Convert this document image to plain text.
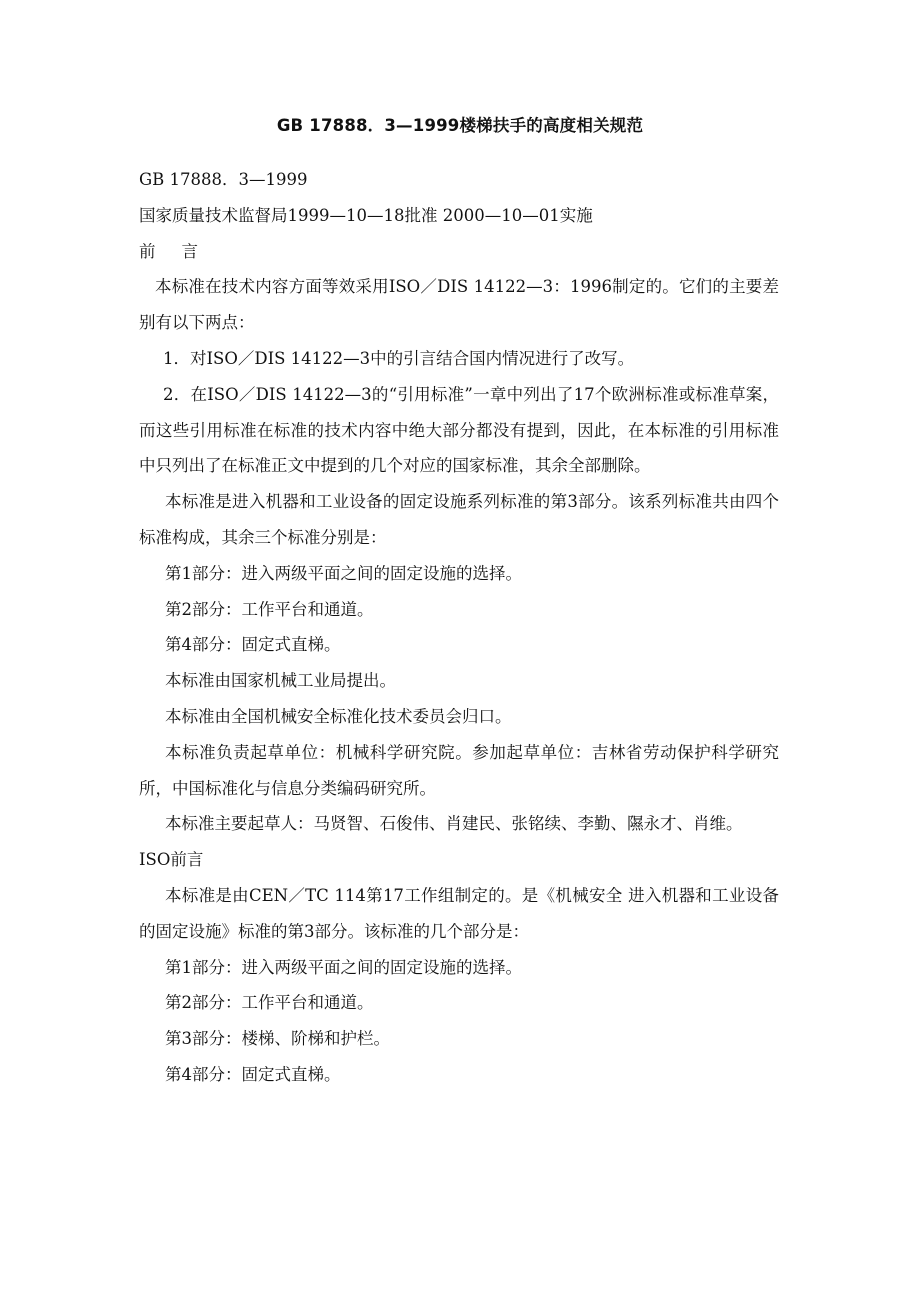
GB 17888．3—1999楼梯扶手的高度相关规范

GB 17888．3—1999

国家质量技术监督局1999—10—18批准 2000—10—01实施

前 言

本标准在技术内容方面等效采用ISO／DIS 14122—3：1996制定的。它们的主要差别有以下两点：

1．对ISO／DIS 14122—3中的引言结合国内情况进行了改写。

2．在ISO／DIS 14122—3的“引用标准”一章中列出了17个欧洲标准或标准草案，而这些引用标准在标准的技术内容中绝大部分都没有提到，因此，在本标准的引用标准中只列出了在标准正文中提到的几个对应的国家标准，其余全部删除。

本标准是进入机器和工业设备的固定设施系列标准的第3部分。该系列标准共由四个标准构成，其余三个标准分别是：

第1部分：进入两级平面之间的固定设施的选择。

第2部分：工作平台和通道。

第4部分：固定式直梯。

本标准由国家机械工业局提出。

本标准由全国机械安全标准化技术委员会归口。

本标准负责起草单位：机械科学研究院。参加起草单位：吉林省劳动保护科学研究所，中国标准化与信息分类编码研究所。

本标准主要起草人：马贤智、石俊伟、肖建民、张铭续、李勤、隰永才、肖维。

ISO前言

本标准是由CEN／TC 114第17工作组制定的。是《机械安全 进入机器和工业设备的固定设施》标准的第3部分。该标准的几个部分是：

第1部分：进入两级平面之间的固定设施的选择。

第2部分：工作平台和通道。

第3部分：楼梯、阶梯和护栏。

第4部分：固定式直梯。
